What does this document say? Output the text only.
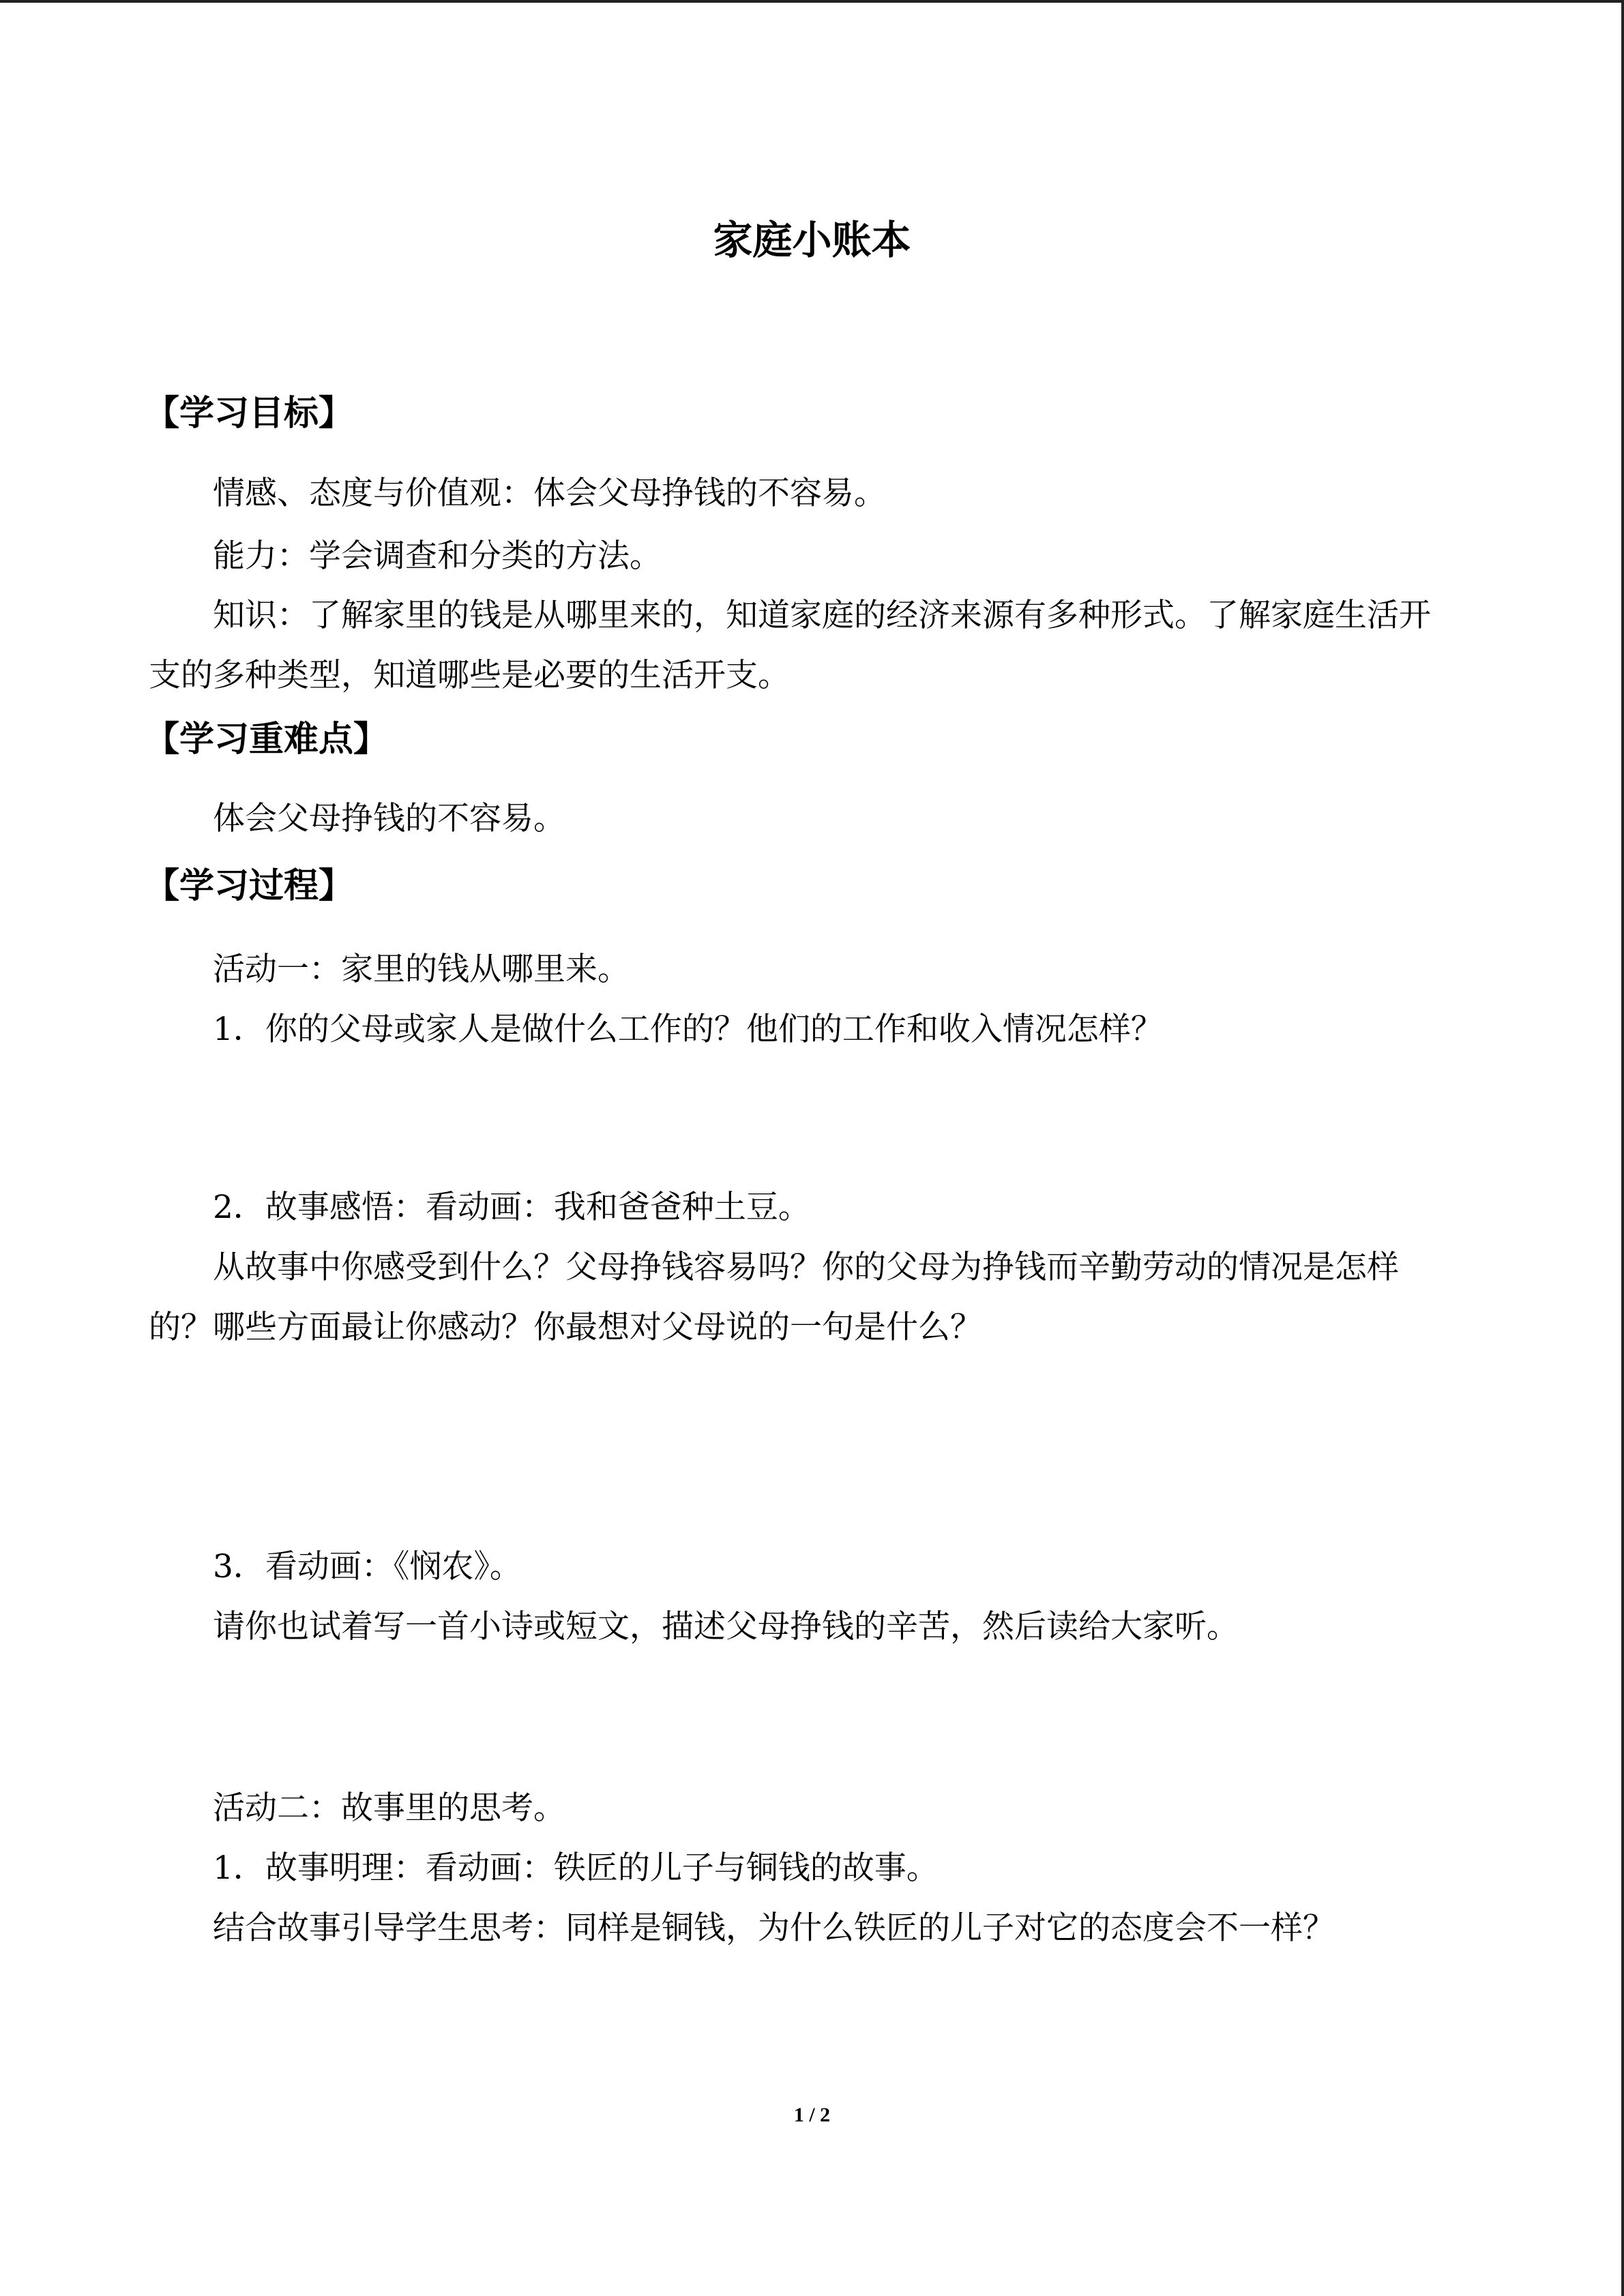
家庭小账本
【学习目标】
情感、态度与价值观：体会父母挣钱的不容易。
能力：学会调查和分类的方法。
知识：了解家里的钱是从哪里来的，知道家庭的经济来源有多种形式。了解家庭生活开支的多种类型，知道哪些是必要的生活开支。
【学习重难点】
体会父母挣钱的不容易。
【学习过程】
活动一：家里的钱从哪里来。
1．你的父母或家人是做什么工作的？他们的工作和收入情况怎样？
2．故事感悟：看动画：我和爸爸种土豆。
从故事中你感受到什么？父母挣钱容易吗？你的父母为挣钱而辛勤劳动的情况是怎样的？哪些方面最让你感动？你最想对父母说的一句是什么？
3．看动画：《悯农》。
请你也试着写一首小诗或短文，描述父母挣钱的辛苦，然后读给大家听。
活动二：故事里的思考。
1．故事明理：看动画：铁匠的儿子与铜钱的故事。
结合故事引导学生思考：同样是铜钱，为什么铁匠的儿子对它的态度会不一样？
1 / 2
